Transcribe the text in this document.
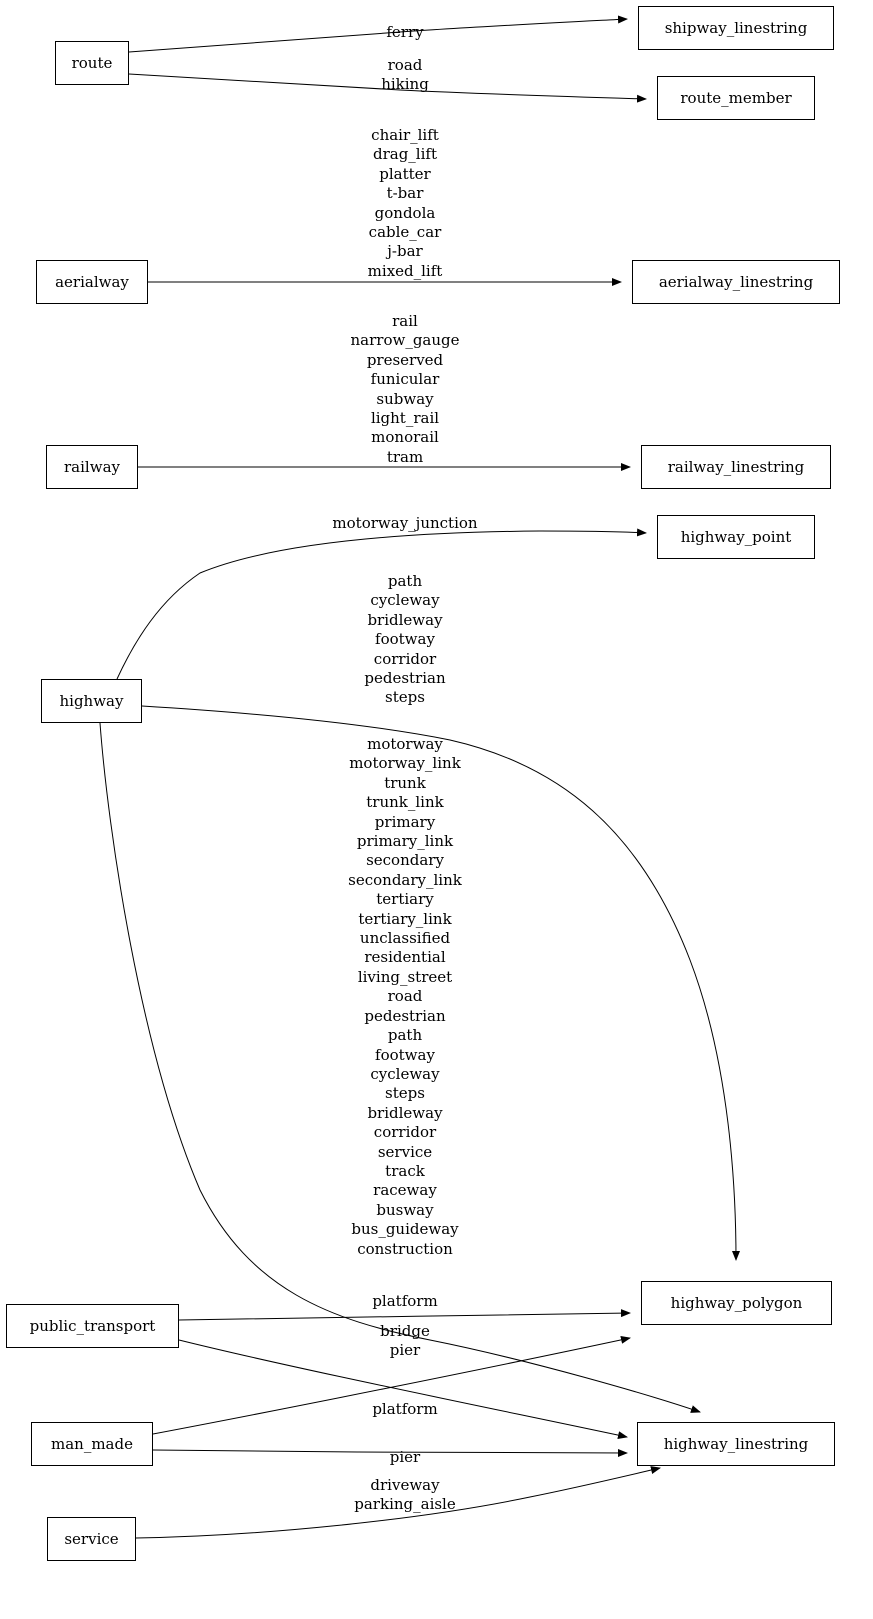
ferry
road
hiking
chair_lift
drag_lift
platter
t-bar
gondola
cable_car
j-bar
mixed_lift
rail
narrow_gauge
preserved
funicular
subway
light_rail
monorail
tram
motorway_junction
path
cycleway
bridleway
footway
corridor
pedestrian
steps
motorway
motorway_link
trunk
trunk_link
primary
primary_link
secondary
secondary_link
tertiary
tertiary_link
unclassified
residential
living_street
road
pedestrian
path
footway
cycleway
steps
bridleway
corridor
service
track
raceway
busway
bus_guideway
construction
platform
bridge
pier
platform
pier
driveway
parking_aisle
route
shipway_linestring
route_member
aerialway	aerialway_linestring
railway	railway_linestring
highway_point
highway
highway_polygon
public_transport
man_made	highway_linestring
service
